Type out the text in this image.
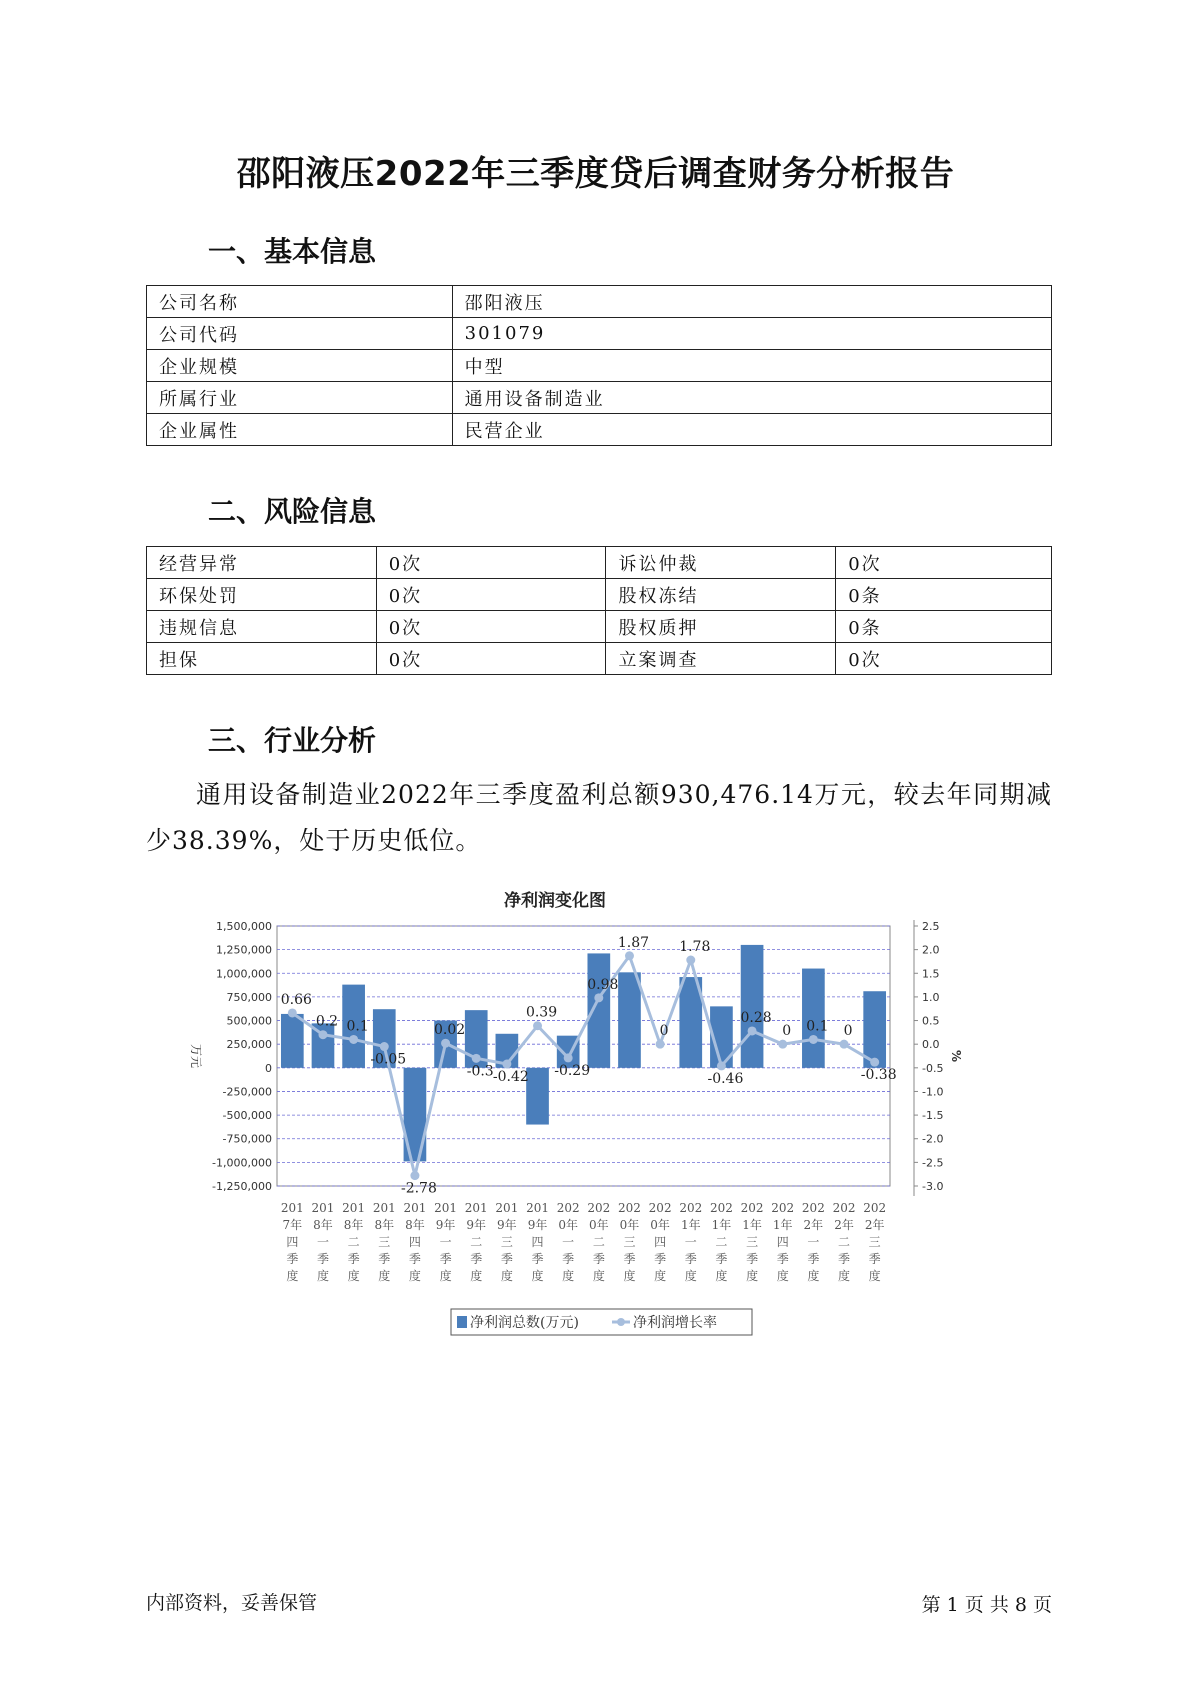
邵阳液压2022年三季度贷后调查财务分析报告
一、基本信息
公司名称	邵阳液压
公司代码	301079
企业规模	中型
所属行业	通用设备制造业
企业属性	民营企业
二、风险信息
经营异常	0次	诉讼仲裁	0次
环保处罚	0次	股权冻结	0条
违规信息	0次	股权质押	0条
担保	0次	立案调查	0次
三、行业分析
通用设备制造业2022年三季度盈利总额930,476.14万元，较去年同期减少38.39%，处于历史低位。
净利润变化图
1,500,000
1,250,000
1,000,000
750,000
500,000
250,000
0
-250,000
-500,000
-750,000
-1,000,000
-1,250,000
2.5
2.0
1.5
1.0
0.5
0.0
-0.5
-1.0
-1.5
-2.0
-2.5
-3.0
万元	%
0.66
0.2 0.1
-0.05
-2.78
0.02
-0.3 -0.42
0.39
-0.29
0.98
1.87
0
1.78
-0.46
0.28
0 0.1 0
-0.38
201
7年
四
季
度
201
8年
一
季
度
201
8年
二
季
度
201
8年
三
季
度
201
8年
四
季
度
201
9年
一
季
度
201
9年
二
季
度
201
9年
三
季
度
201
9年
四
季
度
202
0年
一
季
度
202
0年
二
季
度
202
0年
三
季
度
202
0年
四
季
度
202
1年
一
季
度
202
1年
二
季
度
202
1年
三
季
度
202
1年
四
季
度
202
2年
一
季
度
202
2年
二
季
度
202
2年
三
季
度
净利润总数(万元)	净利润增长率
内部资料，妥善保管	第 1 页 共 8 页
